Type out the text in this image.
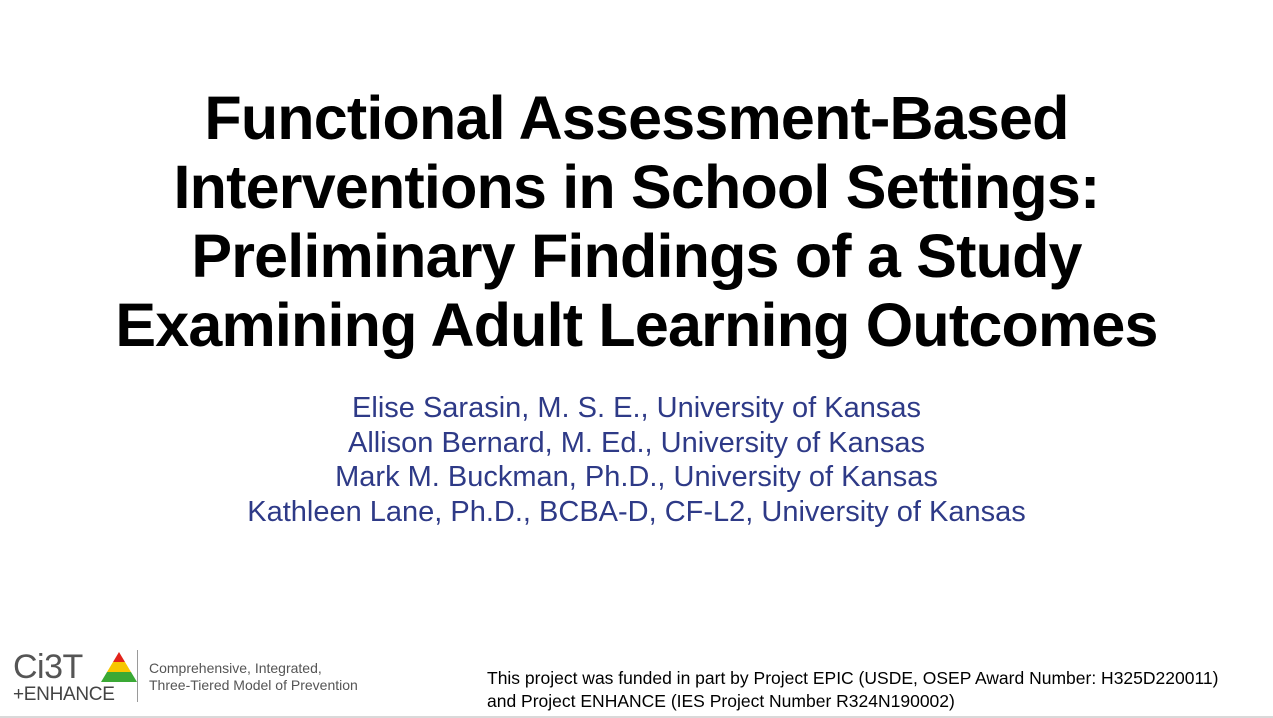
Functional Assessment-Based
Interventions in School Settings:
Preliminary Findings of a Study
Examining Adult Learning Outcomes
Elise Sarasin, M. S. E., University of Kansas
Allison Bernard, M. Ed., University of Kansas
Mark M. Buckman, Ph.D., University of Kansas
Kathleen Lane, Ph.D., BCBA-D, CF-L2, University of Kansas
Ci3T
+ENHANCE
Comprehensive, Integrated,
Three-Tiered Model of Prevention	This project was funded in part by Project EPIC (USDE, OSEP Award Number: H325D220011)
and Project ENHANCE (IES Project Number R324N190002)
